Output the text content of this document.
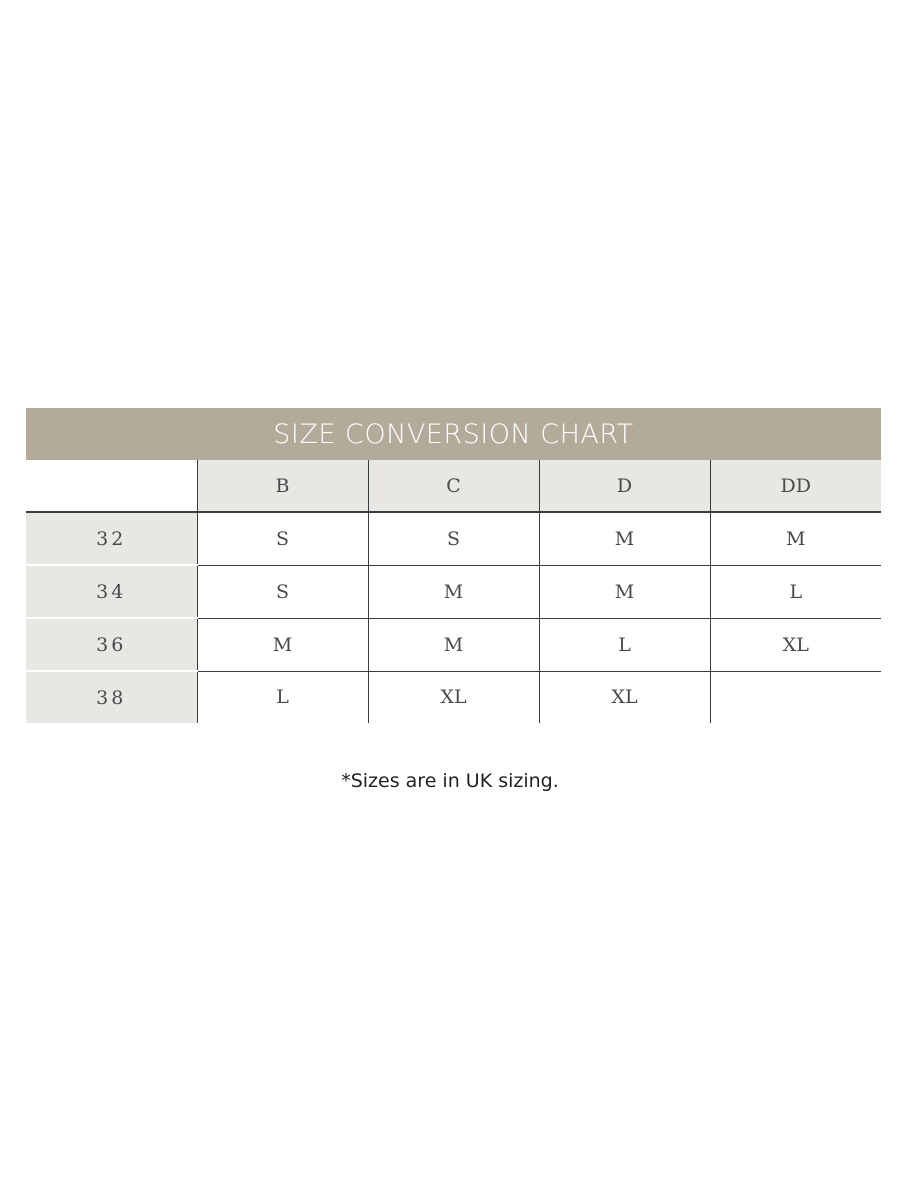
SIZE CONVERSION CHART
	B	C	D	DD
32	S	S	M	M
34	S	M	M	L
36	M	M	L	XL
38	L	XL	XL	
*Sizes are in UK sizing.
